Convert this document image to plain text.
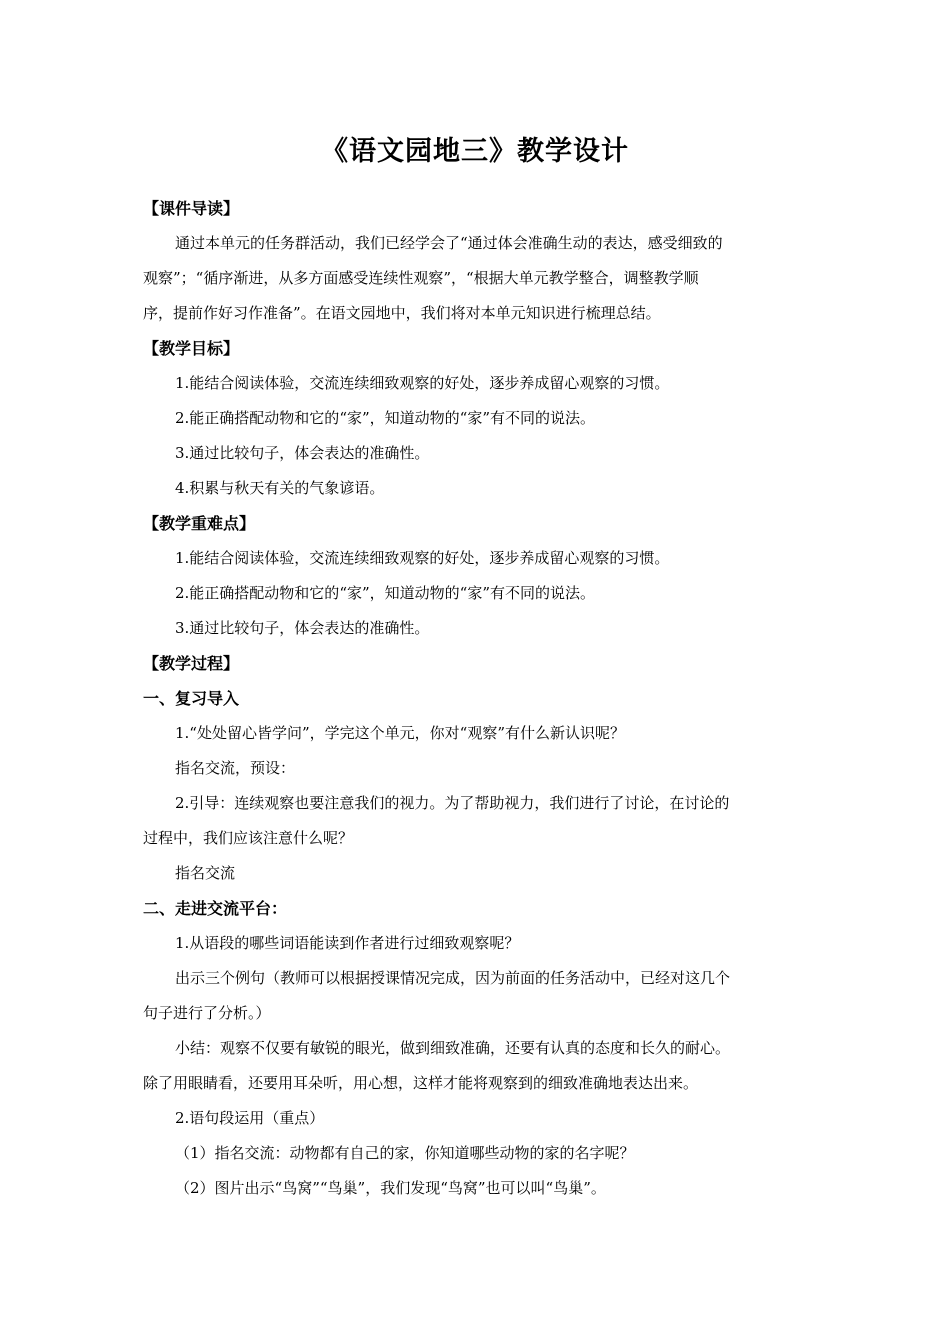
《语文园地三》教学设计
【课件导读】
通过本单元的任务群活动，我们已经学会了“通过体会准确生动的表达，感受细致的
观察”；“循序渐进，从多方面感受连续性观察”，“根据大单元教学整合，调整教学顺
序，提前作好习作准备”。在语文园地中，我们将对本单元知识进行梳理总结。
【教学目标】
1.能结合阅读体验，交流连续细致观察的好处，逐步养成留心观察的习惯。
2.能正确搭配动物和它的“家”，知道动物的“家”有不同的说法。
3.通过比较句子，体会表达的准确性。
4.积累与秋天有关的气象谚语。
【教学重难点】
1.能结合阅读体验，交流连续细致观察的好处，逐步养成留心观察的习惯。
2.能正确搭配动物和它的“家”，知道动物的“家”有不同的说法。
3.通过比较句子，体会表达的准确性。
【教学过程】
一、复习导入
1.“处处留心皆学问”，学完这个单元，你对“观察”有什么新认识呢？
指名交流，预设：
2.引导：连续观察也要注意我们的视力。为了帮助视力，我们进行了讨论，在讨论的
过程中，我们应该注意什么呢？
指名交流
二、走进交流平台：
1.从语段的哪些词语能读到作者进行过细致观察呢？
出示三个例句（教师可以根据授课情况完成，因为前面的任务活动中，已经对这几个
句子进行了分析。）
小结：观察不仅要有敏锐的眼光，做到细致准确，还要有认真的态度和长久的耐心。
除了用眼睛看，还要用耳朵听，用心想，这样才能将观察到的细致准确地表达出来。
2.语句段运用（重点）
（1）指名交流：动物都有自己的家，你知道哪些动物的家的名字呢？
（2）图片出示“鸟窝”“鸟巢”，我们发现“鸟窝”也可以叫“鸟巢”。
